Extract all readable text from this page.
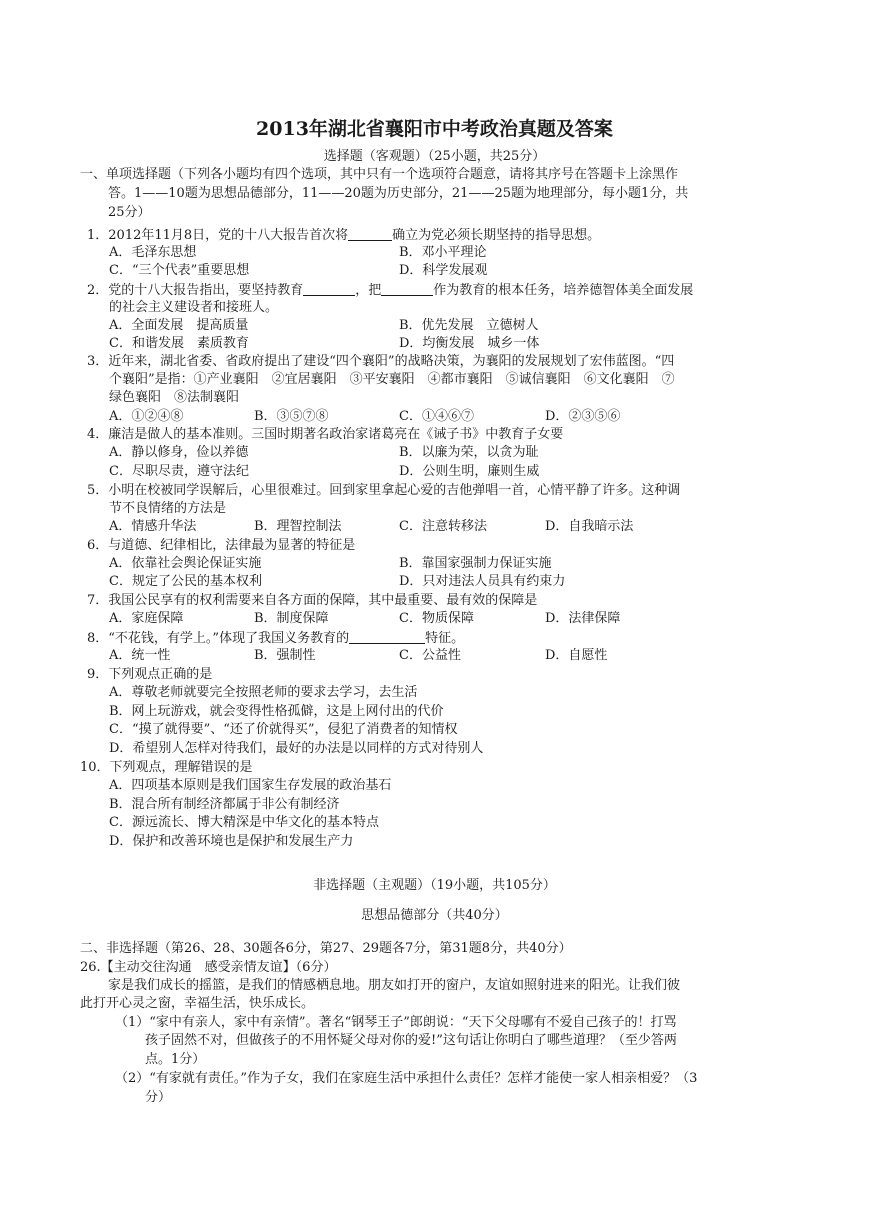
2013年湖北省襄阳市中考政治真题及答案
选择题（客观题）（25小题，共25分）
一、单项选择题（下列各小题均有四个选项，其中只有一个选项符合题意，请将其序号在答题卡上涂黑作
答。1——10题为思想品德部分，11——20题为历史部分，21——25题为地理部分，每小题1分，共
25分）
1．2012年11月8日，党的十八大报告首次将	确立为党必须长期坚持的指导思想。
A．毛泽东思想	B．邓小平理论
C．“三个代表”重要思想	D．科学发展观
2．党的十八大报告指出，要坚持教育	，把	作为教育的根本任务，培养德智体美全面发展
的社会主义建设者和接班人。
A．全面发展　提高质量	B．优先发展　立德树人
C．和谐发展　素质教育	D．均衡发展　城乡一体
3．近年来，湖北省委、省政府提出了建设“四个襄阳”的战略决策，为襄阳的发展规划了宏伟蓝图。“四
个襄阳”是指：①产业襄阳　②宜居襄阳　③平安襄阳　④都市襄阳　⑤诚信襄阳　⑥文化襄阳　⑦
绿色襄阳　⑧法制襄阳
A．①②④⑧	B．③⑤⑦⑧	C．①④⑥⑦	D．②③⑤⑥
4．廉洁是做人的基本准则。三国时期著名政治家诸葛亮在《诫子书》中教育子女要
A．静以修身，俭以养德	B．以廉为荣，以贪为耻
C．尽职尽责，遵守法纪	D．公则生明，廉则生威
5．小明在校被同学误解后，心里很难过。回到家里拿起心爱的吉他弹唱一首，心情平静了许多。这种调
节不良情绪的方法是
A．情感升华法	B．理智控制法	C．注意转移法	D．自我暗示法
6．与道德、纪律相比，法律最为显著的特征是
A．依靠社会舆论保证实施	B．靠国家强制力保证实施
C．规定了公民的基本权利	D．只对违法人员具有约束力
7．我国公民享有的权利需要来自各方面的保障，其中最重要、最有效的保障是
A．家庭保障	B．制度保障	C．物质保障	D．法律保障
8．“不花钱，有学上。”体现了我国义务教育的	特征。
A．统一性	B．强制性	C．公益性	D．自愿性
9．下列观点正确的是
A．尊敬老师就要完全按照老师的要求去学习，去生活
B．网上玩游戏，就会变得性格孤僻，这是上网付出的代价
C．“摸了就得要”、“还了价就得买”，侵犯了消费者的知情权
D．希望别人怎样对待我们，最好的办法是以同样的方式对待别人
10．下列观点，理解错误的是
A．四项基本原则是我们国家生存发展的政治基石
B．混合所有制经济都属于非公有制经济
C．源远流长、博大精深是中华文化的基本特点
D．保护和改善环境也是保护和发展生产力
非选择题（主观题）（19小题，共105分）
思想品德部分（共40分）
二、非选择题（第26、28、30题各6分，第27、29题各7分，第31题8分，共40分）
26.【主动交往沟通　感受亲情友谊】（6分）
家是我们成长的摇篮，是我们的情感栖息地。朋友如打开的窗户，友谊如照射进来的阳光。让我们彼
此打开心灵之窗，幸福生活，快乐成长。
（1）“家中有亲人，家中有亲情”。著名“钢琴王子”郎朗说：“天下父母哪有不爱自己孩子的！打骂
孩子固然不对，但做孩子的不用怀疑父母对你的爱!”这句话让你明白了哪些道理？（至少答两
点。1分）
（2）“有家就有责任。”作为子女，我们在家庭生活中承担什么责任？怎样才能使一家人相亲相爱？（3
分）
